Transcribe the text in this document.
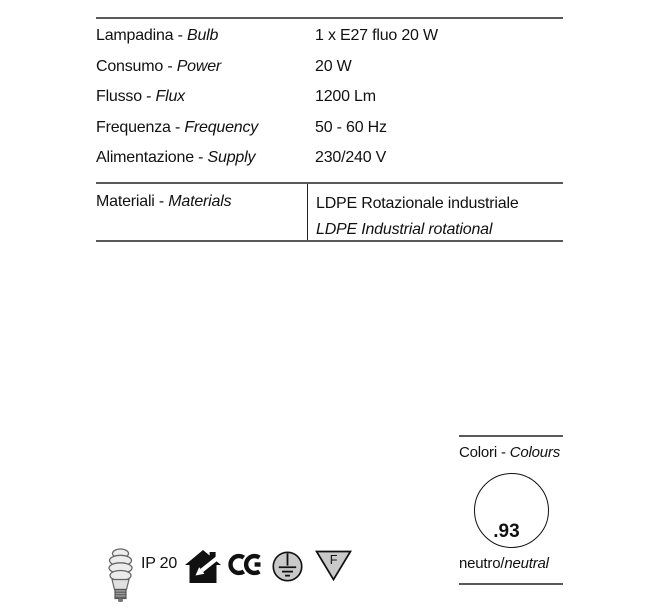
Lampadina - Bulb	1 x E27 fluo 20 W
Consumo - Power	20 W
Flusso - Flux	1200 Lm
Frequenza - Frequency	50 - 60 Hz
Alimentazione - Supply	230/240 V
Materiali - Materials	LDPE Rotazionale industriale
LDPE Industrial rotational
Colori - Colours
.93
neutro/neutral
IP 20	F
